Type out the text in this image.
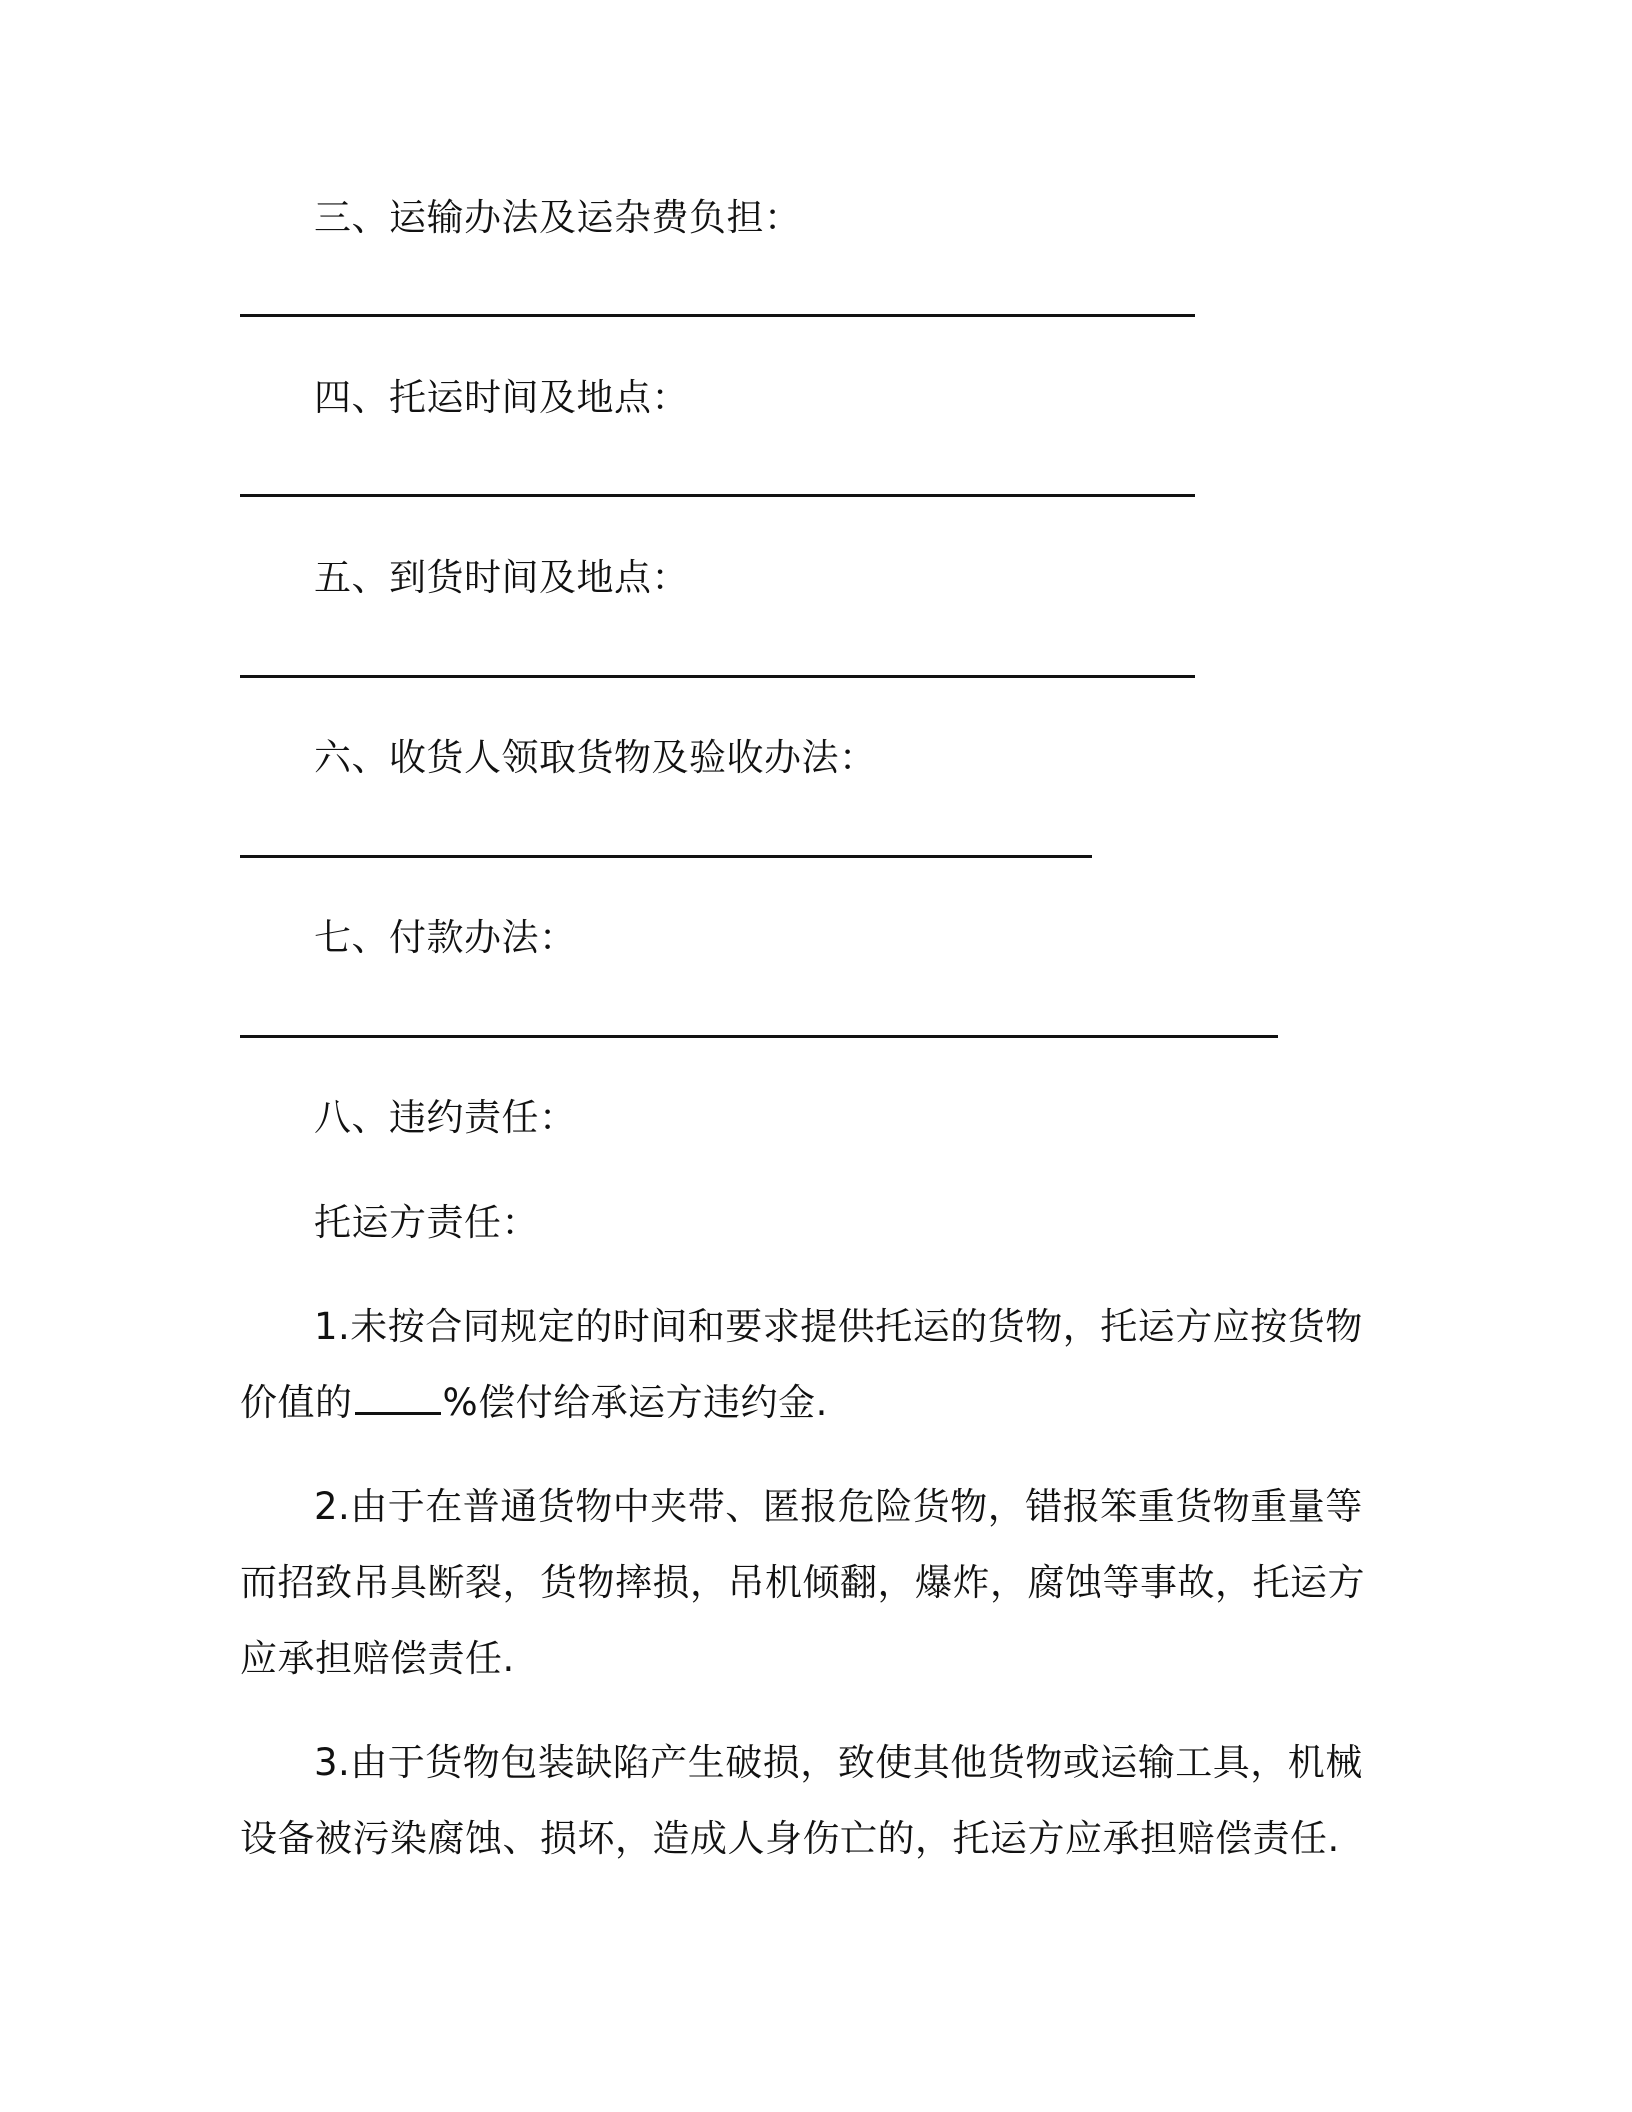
三、运输办法及运杂费负担：
四、托运时间及地点：
五、到货时间及地点：
六、收货人领取货物及验收办法：
七、付款办法：
八、违约责任：
托运方责任：
1.未按合同规定的时间和要求提供托运的货物，托运方应按货物
价值的 %偿付给承运方违约金.
2.由于在普通货物中夹带、匿报危险货物，错报笨重货物重量等
而招致吊具断裂，货物摔损，吊机倾翻，爆炸，腐蚀等事故，托运方
应承担赔偿责任.
3.由于货物包装缺陷产生破损，致使其他货物或运输工具，机械
设备被污染腐蚀、损坏，造成人身伤亡的，托运方应承担赔偿责任.
